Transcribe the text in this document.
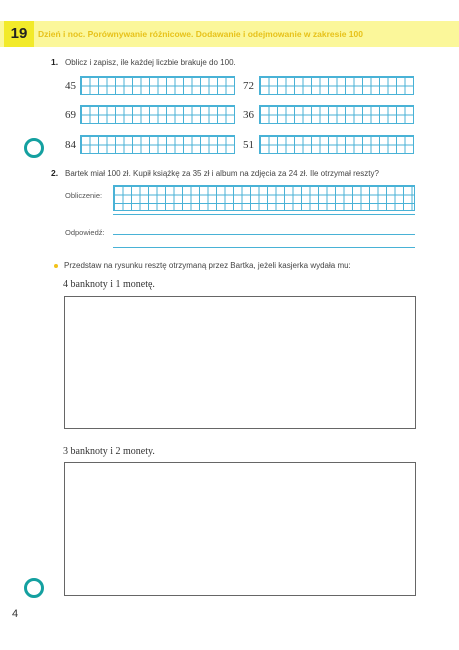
19	Dzień i noc. Porównywanie różnicowe. Dodawanie i odejmowanie w zakresie 100
1. Oblicz i zapisz, ile każdej liczbie brakuje do 100.
45	72
69	36
84	51
2. Bartek miał 100 zł. Kupił książkę za 35 zł i album na zdjęcia za 24 zł. Ile otrzymał reszty?
Obliczenie:
Odpowiedź:
Przedstaw na rysunku resztę otrzymaną przez Bartka, jeżeli kasjerka wydała mu:
4 banknoty i 1 monetę.
3 banknoty i 2 monety.
4
